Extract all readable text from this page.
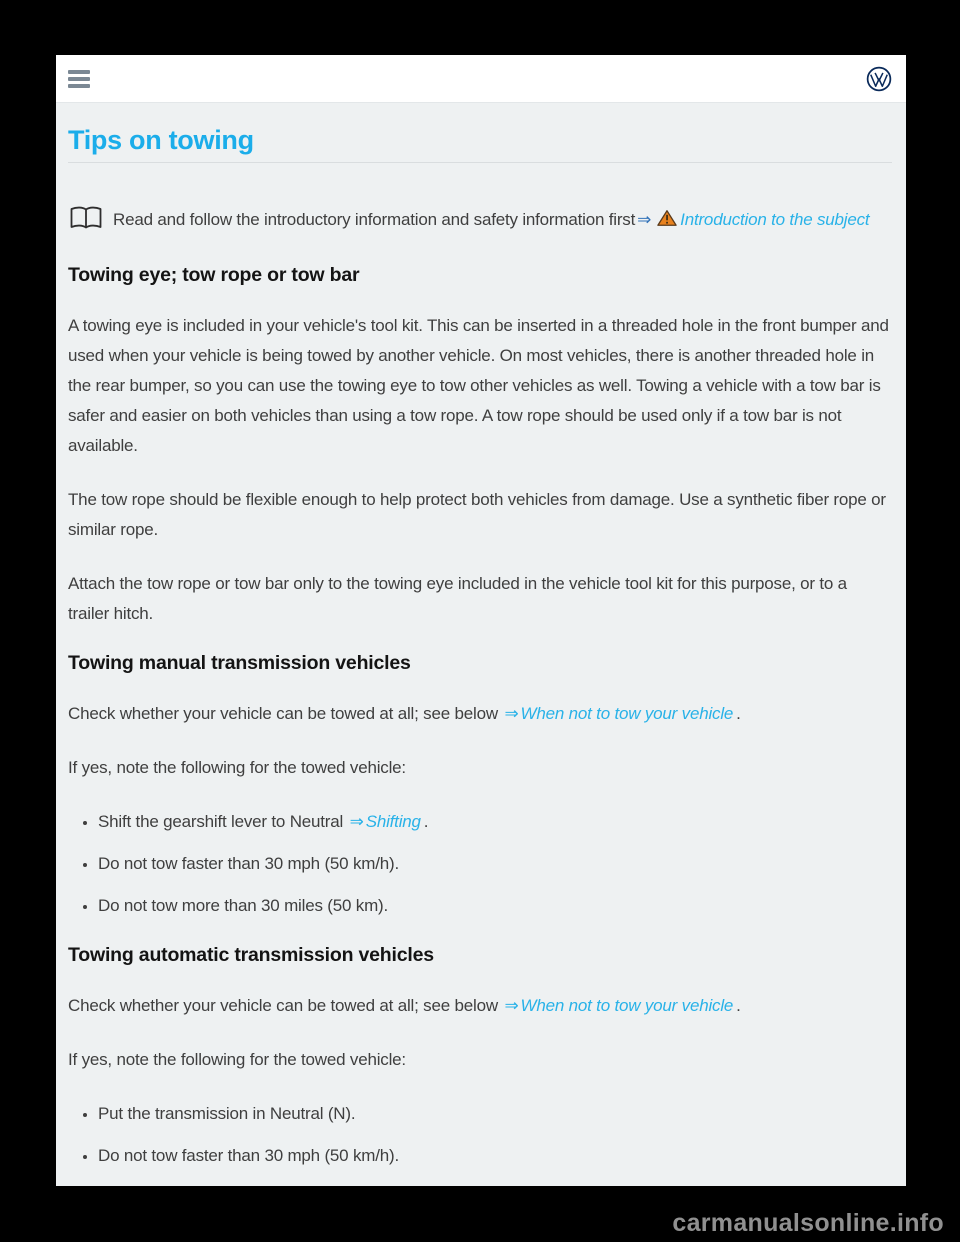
Tips on towing

Read and follow the introductory information and safety information first ⇒ Introduction to the subject

Towing eye; tow rope or tow bar

A towing eye is included in your vehicle's tool kit. This can be inserted in a threaded hole in the front bumper and used when your vehicle is being towed by another vehicle. On most vehicles, there is another threaded hole in the rear bumper, so you can use the towing eye to tow other vehicles as well. Towing a vehicle with a tow bar is safer and easier on both vehicles than using a tow rope. A tow rope should be used only if a tow bar is not available.

The tow rope should be flexible enough to help protect both vehicles from damage. Use a synthetic fiber rope or similar rope.

Attach the tow rope or tow bar only to the towing eye included in the vehicle tool kit for this purpose, or to a trailer hitch.

Towing manual transmission vehicles

Check whether your vehicle can be towed at all; see below ⇒ When not to tow your vehicle .

If yes, note the following for the towed vehicle:

• Shift the gearshift lever to Neutral ⇒ Shifting .
• Do not tow faster than 30 mph (50 km/h).
• Do not tow more than 30 miles (50 km).
Towing automatic transmission vehicles

Check whether your vehicle can be towed at all; see below ⇒ When not to tow your vehicle .

If yes, note the following for the towed vehicle:

• Put the transmission in Neutral (N).
• Do not tow faster than 30 mph (50 km/h).
carmanualsonline.info
